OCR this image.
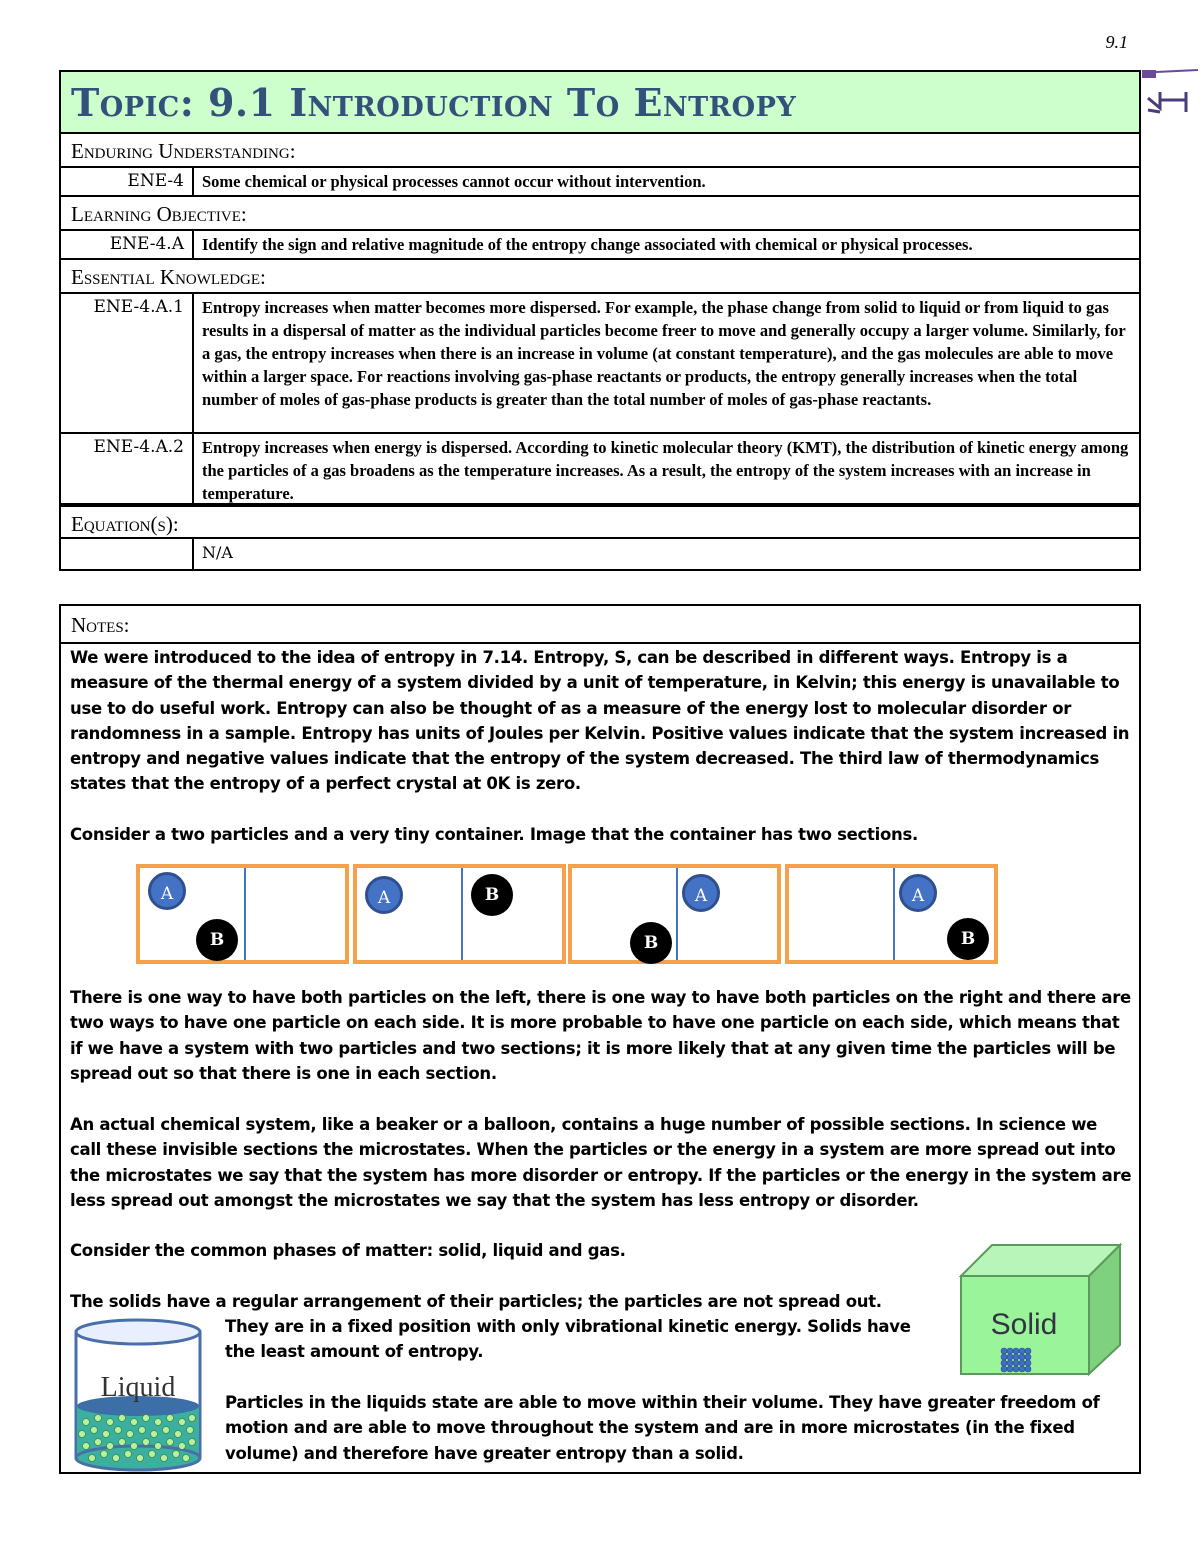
9.1
Topic: 9.1 Introduction To Entropy
Enduring Understanding:
ENE-4	Some chemical or physical processes cannot occur without intervention.
Learning Objective:
ENE-4.A	Identify the sign and relative magnitude of the entropy change associated with chemical or physical processes.
Essential Knowledge:
ENE-4.A.1	Entropy increases when matter becomes more dispersed. For example, the phase change from solid to liquid or from liquid to gas results in a dispersal of matter as the individual particles become freer to move and generally occupy a larger volume. Similarly, for a gas, the entropy increases when there is an increase in volume (at constant temperature), and the gas molecules are able to move within a larger space. For reactions involving gas-phase reactants or products, the entropy generally increases when the total number of moles of gas-phase products is greater than the total number of moles of gas-phase reactants.
ENE-4.A.2	Entropy increases when energy is dispersed. According to kinetic molecular theory (KMT), the distribution of kinetic energy among the particles of a gas broadens as the temperature increases. As a result, the entropy of the system increases with an increase in temperature.
Equation(s):
N/A
Notes:
We were introduced to the idea of entropy in 7.14. Entropy, S, can be described in different ways. Entropy is a measure of the thermal energy of a system divided by a unit of temperature, in Kelvin; this energy is unavailable to use to do useful work. Entropy can also be thought of as a measure of the energy lost to molecular disorder or randomness in a sample. Entropy has units of Joules per Kelvin. Positive values indicate that the system increased in entropy and negative values indicate that the entropy of the system decreased. The third law of thermodynamics states that the entropy of a perfect crystal at 0K is zero.
Consider a two particles and a very tiny container. Image that the container has two sections.
A
B
A	B	A
B
A
B
There is one way to have both particles on the left, there is one way to have both particles on the right and there are two ways to have one particle on each side. It is more probable to have one particle on each side, which means that if we have a system with two particles and two sections; it is more likely that at any given time the particles will be spread out so that there is one in each section.
An actual chemical system, like a beaker or a balloon, contains a huge number of possible sections. In science we call these invisible sections the microstates. When the particles or the energy in a system are more spread out into the microstates we say that the system has more disorder or entropy. If the particles or the energy in the system are less spread out amongst the microstates we say that the system has less entropy or disorder.
Consider the common phases of matter: solid, liquid and gas.
The solids have a regular arrangement of their particles; the particles are not spread out.
They are in a fixed position with only vibrational kinetic energy. Solids have the least amount of entropy.
Particles in the liquids state are able to move within their volume. They have greater freedom of motion and are able to move throughout the system and are in more microstates (in the fixed volume) and therefore have greater entropy than a solid.
Liquid
Solid
